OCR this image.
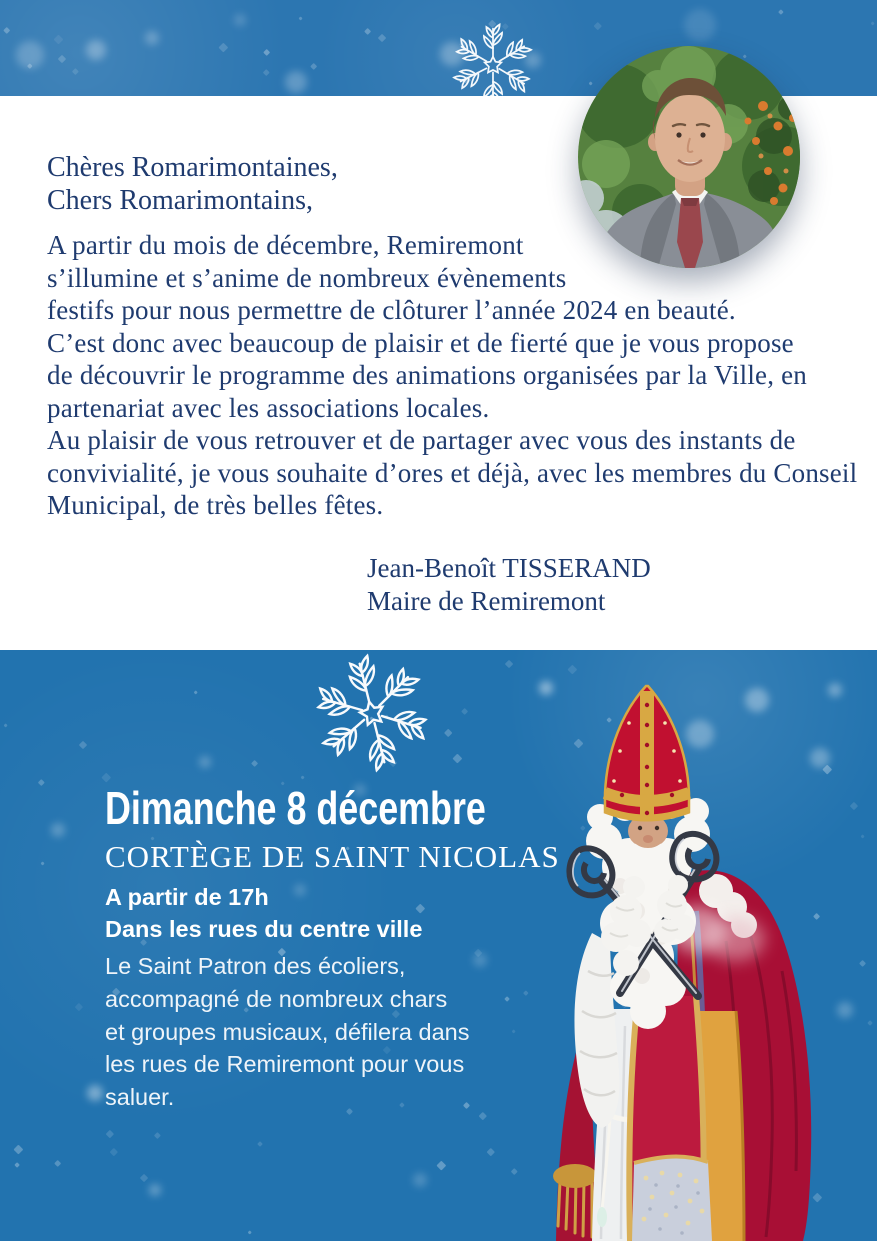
Chères Romarimontaines,
Chers Romarimontains,
A partir du mois de décembre, Remiremont
s’illumine et s’anime de nombreux évènements
festifs pour nous permettre de clôturer l’année 2024 en beauté.
C’est donc avec beaucoup de plaisir et de fierté que je vous propose
de découvrir le programme des animations organisées par la Ville, en
partenariat avec les associations locales.
Au plaisir de vous retrouver et de partager avec vous des instants de
convivialité, je vous souhaite d’ores et déjà, avec les membres du Conseil
Municipal, de très belles fêtes.
Jean-Benoît TISSERAND
Maire de Remiremont
Dimanche 8 décembre
CORTÈGE DE SAINT NICOLAS
A partir de 17h
Dans les rues du centre ville
Le Saint Patron des écoliers,
accompagné de nombreux chars
et groupes musicaux, défilera dans
les rues de Remiremont pour vous
saluer.
